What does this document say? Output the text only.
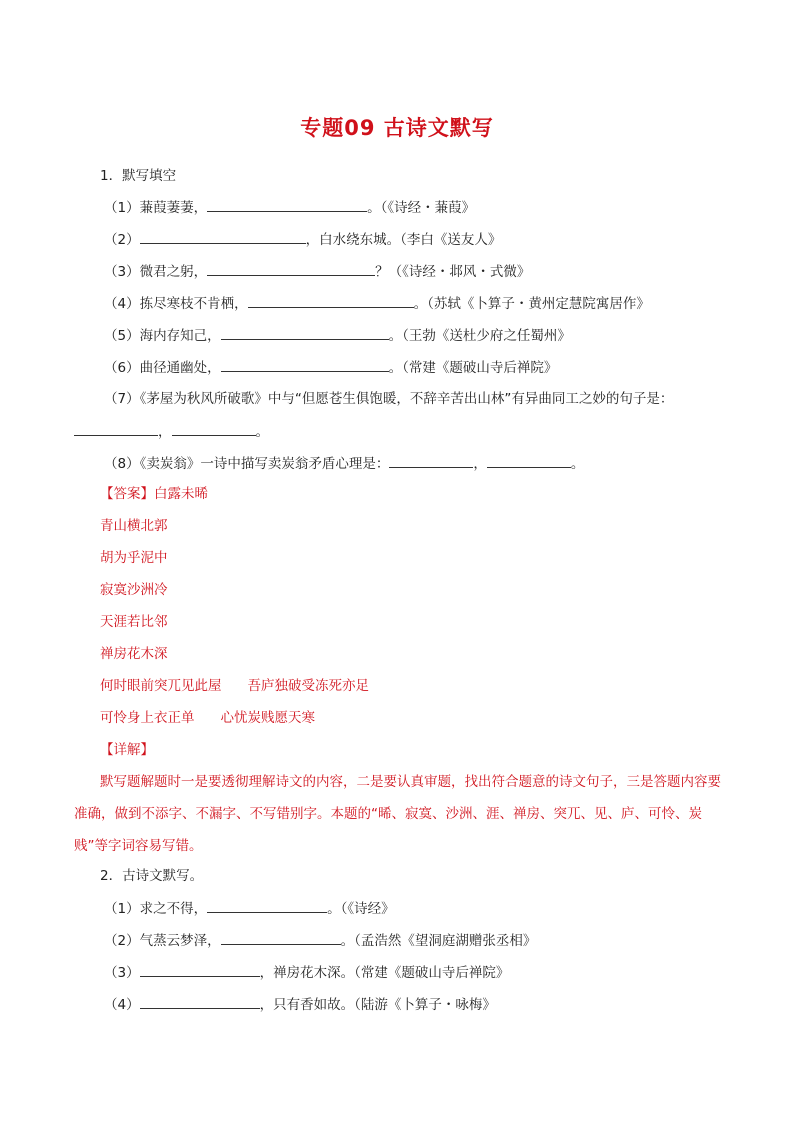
专题09 古诗文默写
1．默写填空
（1）蒹葭萋萋，	。（《诗经・蒹葭》
（2）	，白水绕东城。（李白《送友人》
（3）微君之躬，	？（《诗经・邶风・式微》
（4）拣尽寒枝不肯栖，	。（苏轼《卜算子・黄州定慧院寓居作》
（5）海内存知己，	。（王勃《送杜少府之任蜀州》
（6）曲径通幽处，	。（常建《题破山寺后禅院》
（7）《茅屋为秋风所破歌》中与“但愿苍生俱饱暖，不辞辛苦出山林”有异曲同工之妙的句子是：
，	。
（8）《卖炭翁》一诗中描写卖炭翁矛盾心理是：	，	。
【答案】白露未晞
青山横北郭
胡为乎泥中
寂寞沙洲冷
天涯若比邻
禅房花木深
何时眼前突兀见此屋 吾庐独破受冻死亦足
可怜身上衣正单 心忧炭贱愿天寒
【详解】
默写题解题时一是要透彻理解诗文的内容，二是要认真审题，找出符合题意的诗文句子，三是答题内容要准确，做到不添字、不漏字、不写错别字。本题的“晞、寂寞、沙洲、涯、禅房、突兀、见、庐、可怜、炭贱”等字词容易写错。
2．古诗文默写。
（1）求之不得，	。（《诗经》
（2）气蒸云梦泽，	。（孟浩然《望洞庭湖赠张丞相》
（3）	，禅房花木深。（常建《题破山寺后禅院》
（4）	，只有香如故。（陆游《卜算子・咏梅》
